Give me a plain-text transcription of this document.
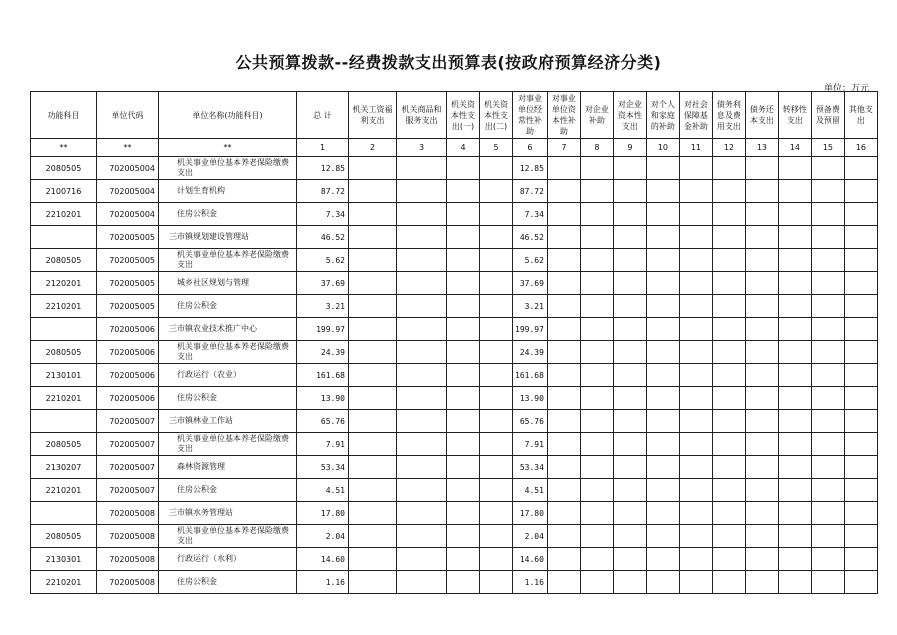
公共预算拨款--经费拨款支出预算表(按政府预算经济分类)
单位：万元
功能科目	单位代码	单位名称(功能科目)	总 计	机关工资福利支出	机关商品和服务支出	机关资本性支出(一)	机关资本性支出(二)	对事业单位经常性补助	对事业单位资本性补助	对企业补助	对企业资本性支出	对个人和家庭的补助	对社会保障基金补助	债务利息及费用支出	债务还本支出	转移性支出	预备费及预留	其他支出
**	**	**	1	2	3	4	5	6	7	8	9	10	11	12	13	14	15	16
2080505	702005004	机关事业单位基本养老保险缴费支出	12.85					12.85										
2100716	702005004	计划生育机构	87.72					87.72										
2210201	702005004	住房公积金	7.34					7.34										
	702005005	三市镇规划建设管理站	46.52					46.52										
2080505	702005005	机关事业单位基本养老保险缴费支出	5.62					5.62										
2120201	702005005	城乡社区规划与管理	37.69					37.69										
2210201	702005005	住房公积金	3.21					3.21										
	702005006	三市镇农业技术推广中心	199.97					199.97										
2080505	702005006	机关事业单位基本养老保险缴费支出	24.39					24.39										
2130101	702005006	行政运行（农业）	161.68					161.68										
2210201	702005006	住房公积金	13.90					13.90										
	702005007	三市镇林业工作站	65.76					65.76										
2080505	702005007	机关事业单位基本养老保险缴费支出	7.91					7.91										
2130207	702005007	森林资源管理	53.34					53.34										
2210201	702005007	住房公积金	4.51					4.51										
	702005008	三市镇水务管理站	17.80					17.80										
2080505	702005008	机关事业单位基本养老保险缴费支出	2.04					2.04										
2130301	702005008	行政运行（水利）	14.60					14.60										
2210201	702005008	住房公积金	1.16					1.16										
